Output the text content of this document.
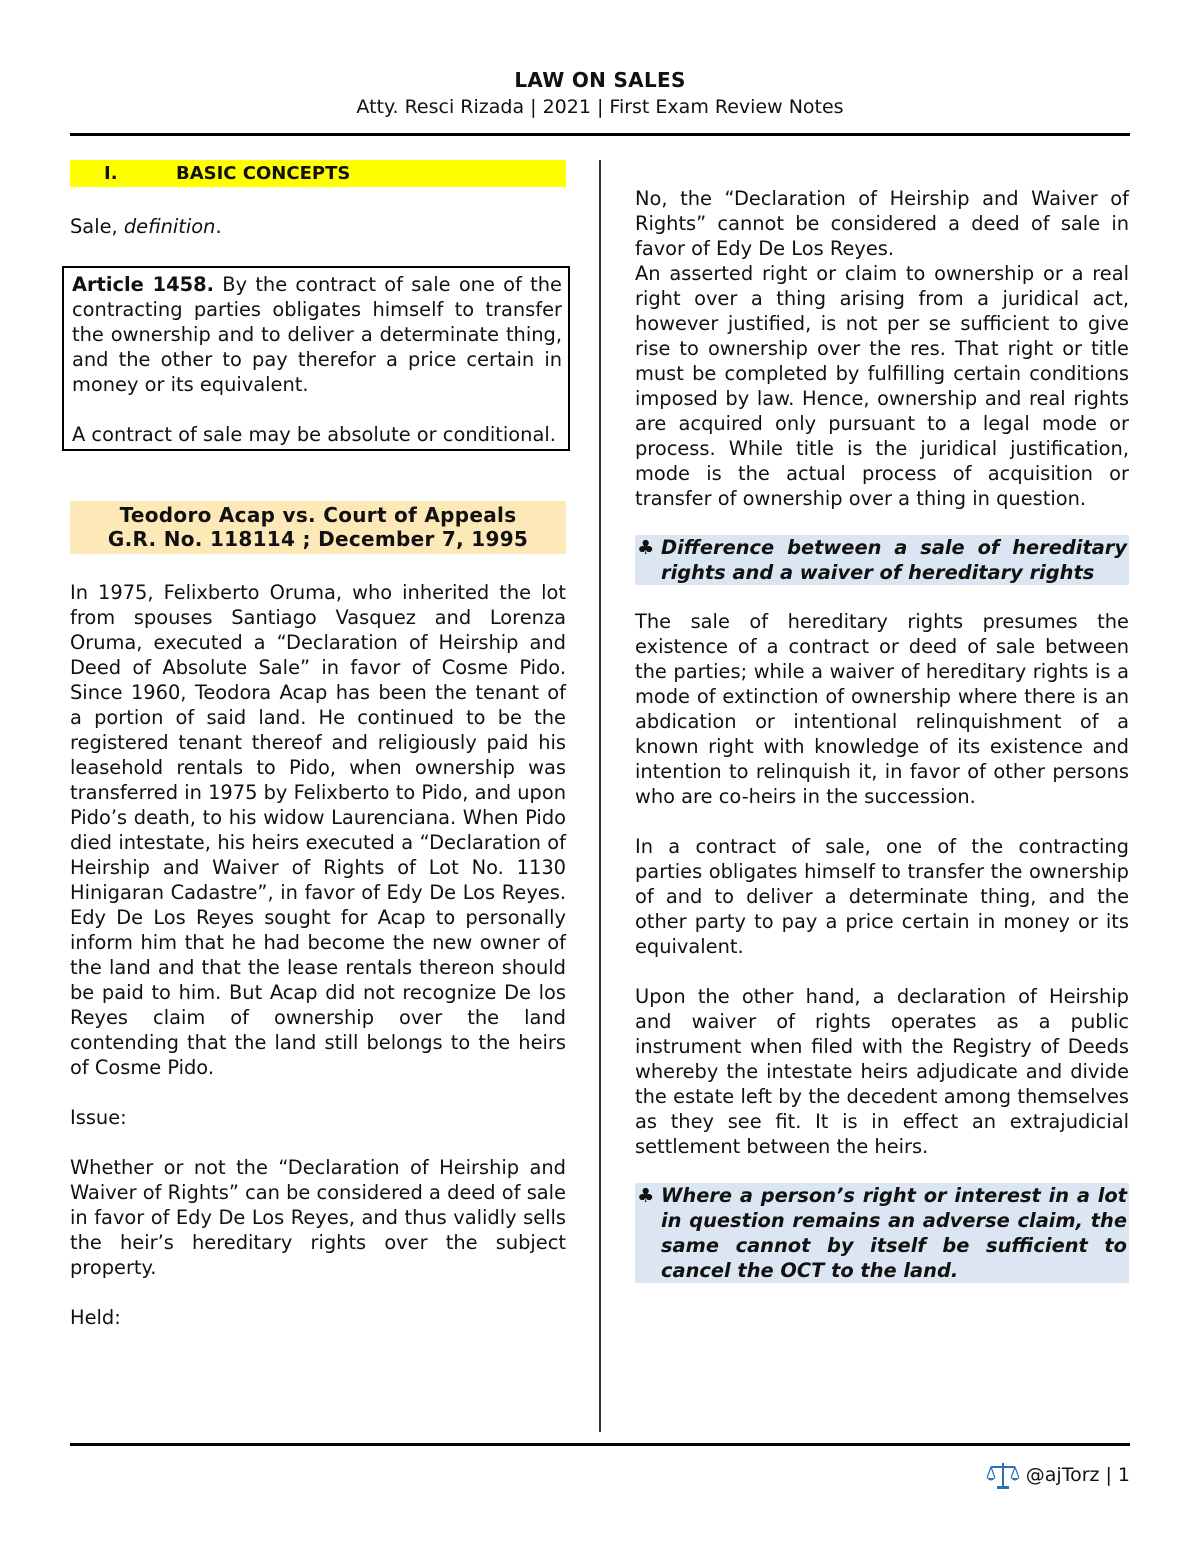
LAW ON SALES
Atty. Resci Rizada | 2021 | First Exam Review Notes
I.	BASIC CONCEPTS

Sale, definition.

Article 1458. By the contract of sale one of the contracting parties obligates himself to transfer the ownership and to deliver a determinate thing, and the other to pay therefor a price certain in money or its equivalent.

A contract of sale may be absolute or conditional.

Teodoro Acap vs. Court of Appeals
G.R. No. 118114 ; December 7, 1995

In 1975, Felixberto Oruma, who inherited the lot from spouses Santiago Vasquez and Lorenza Oruma, executed a “Declaration of Heirship and Deed of Absolute Sale” in favor of Cosme Pido. Since 1960, Teodora Acap has been the tenant of a portion of said land. He continued to be the registered tenant thereof and religiously paid his leasehold rentals to Pido, when ownership was transferred in 1975 by Felixberto to Pido, and upon Pido’s death, to his widow Laurenciana. When Pido died intestate, his heirs executed a “Declaration of Heirship and Waiver of Rights of Lot No. 1130 Hinigaran Cadastre”, in favor of Edy De Los Reyes. Edy De Los Reyes sought for Acap to personally inform him that he had become the new owner of the land and that the lease rentals thereon should be paid to him. But Acap did not recognize De los Reyes claim of ownership over the land contending that the land still belongs to the heirs of Cosme Pido.

Issue:

Whether or not the “Declaration of Heirship and Waiver of Rights” can be considered a deed of sale in favor of Edy De Los Reyes, and thus validly sells the heir’s hereditary rights over the subject property.

Held:

No, the “Declaration of Heirship and Waiver of Rights” cannot be considered a deed of sale in favor of Edy De Los Reyes.

An asserted right or claim to ownership or a real right over a thing arising from a juridical act, however justified, is not per se sufficient to give rise to ownership over the res. That right or title must be completed by fulfilling certain conditions imposed by law. Hence, ownership and real rights are acquired only pursuant to a legal mode or process. While title is the juridical justification, mode is the actual process of acquisition or transfer of ownership over a thing in question.

♣ Difference between a sale of hereditary rights and a waiver of hereditary rights

The sale of hereditary rights presumes the existence of a contract or deed of sale between the parties; while a waiver of hereditary rights is a mode of extinction of ownership where there is an abdication or intentional relinquishment of a known right with knowledge of its existence and intention to relinquish it, in favor of other persons who are co-heirs in the succession.

In a contract of sale, one of the contracting parties obligates himself to transfer the ownership of and to deliver a determinate thing, and the other party to pay a price certain in money or its equivalent.

Upon the other hand, a declaration of Heirship and waiver of rights operates as a public instrument when filed with the Registry of Deeds whereby the intestate heirs adjudicate and divide the estate left by the decedent among themselves as they see fit. It is in effect an extrajudicial settlement between the heirs.

♣ Where a person’s right or interest in a lot in question remains an adverse claim, the same cannot by itself be sufficient to cancel the OCT to the land.
@ajTorz | 1
